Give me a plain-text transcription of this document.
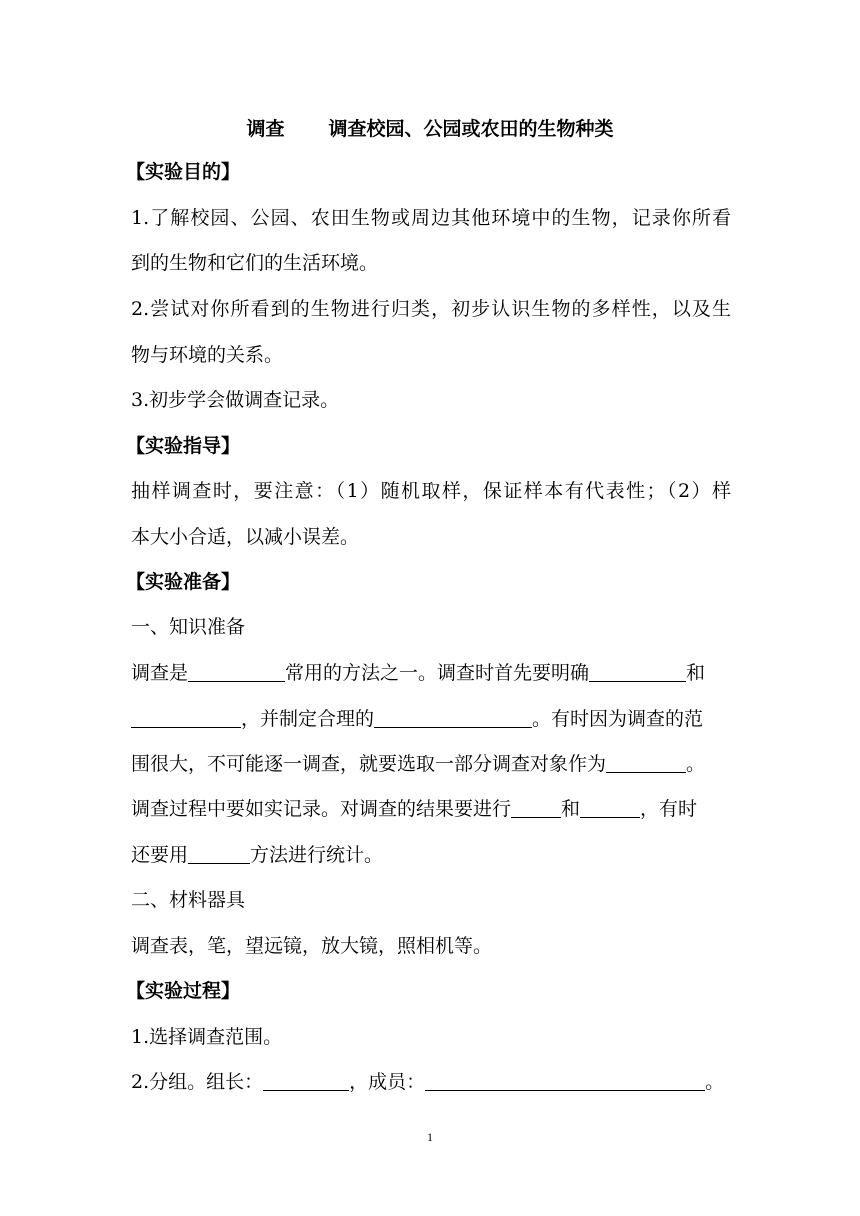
调查 调查校园、公园或农田的生物种类
【实验目的】
1.了解校园、公园、农田生物或周边其他环境中的生物，记录你所看
到的生物和它们的生活环境。
2.尝试对你所看到的生物进行归类，初步认识生物的多样性，以及生
物与环境的关系。
3.初步学会做调查记录。
【实验指导】
抽样调查时，要注意：（1）随机取样，保证样本有代表性；（2）样
本大小合适，以减小误差。
【实验准备】
一、知识准备
调查是	常用的方法之一。调查时首先要明确	和
，并制定合理的	。有时因为调查的范
围很大，不可能逐一调查，就要选取一部分调查对象作为	。
调查过程中要如实记录。对调查的结果要进行	和	，有时
还要用	方法进行统计。
二、材料器具
调查表，笔，望远镜，放大镜，照相机等。
【实验过程】
1.选择调查范围。
2.分组。组长：	，成员：	。
1
